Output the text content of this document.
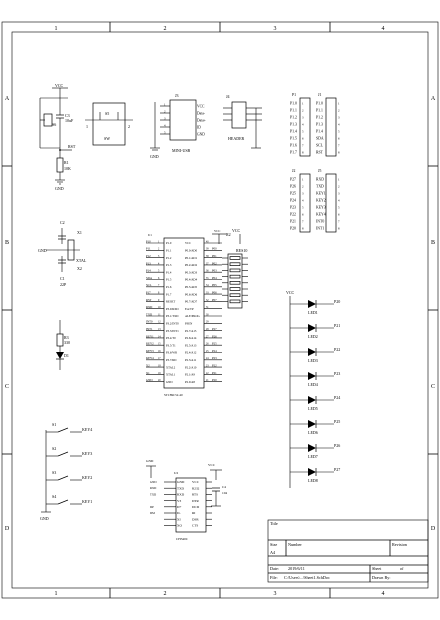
1	2	3	4
1	2	3	4
A
B
C
D
A
B
C
D
VCC
S6
C3
10uF
RST
R1
10K
GND
S5
SW
1	2
J3
1	VCC
2	Data-
3	Data+
4	ID
5	GND
MINI-USB
GND
J4
HEADER
P1	J1
P1.0 1	P1.0	1
P1.1 2	P1.1	2
P1.2 3	P1.2	3
P1.3 4	P1.3	4
P1.4 5	P1.4	5
P1.5 6	SDA	6
P1.6 7	SCL	7
P1.7 8	RST	8
J2	J5
P27 1	RXD	1
P26 2	TXD	2
P25 3	KEY1	3
P24 4	KEY2	4
P23 5	KEY3	5
P22 6	KEY4	6
P21 7	INT0	7
P20 8	INT1	8
C2
X1
XTAL
X2
C1
22P
GND
R3
330
D1
S1
KEY4
S2
KEY3
S3
KEY2
S4
KEY1
GND
U1
P10	1 P1.0	VCC	40
P11	2 P1.1	P0.0/AD0	39 P00
P12	3 P1.2	P0.1/AD1	38 P01
P13	4 P1.3	P0.2/AD2	37 P02
P14	5 P1.4	P0.3/AD3	36 P03
SDA	6 P1.5	P0.4/AD4	35 P04
SCL 7 P1.6	P0.5/AD5	34 P05
P17	8 P1.7	P0.6/AD6	33 P06
RST 9 RESET	P0.7/AD7	32 P07
RXD	10 P3.0/RXD EA/VP	31
TXD	11 P3.1/TXD ALE/PROG	30
INT0 12 P3.2/INT0 PSEN	29
INT1 13 P3.3/INT1 P2.7/A15	28 P27
KEY1 14 P3.4/T0	P2.6/A14	27 P26
KEY2 15 P3.5/T1	P2.5/A13	26 P25
KEY3 16 P3.6/WR	P2.4/A12	25 P24
KEY4 17 P3.7/RD	P2.3/A11	24 P23
X2	18 XTAL2	P2.2/A10	23 P22
X1	19 XTAL1	P2.1/A9	22 P21
GND	20 GND	P2.0/A8	21 P20
STC89C52-40
VCC
R2
RES10
VCC
VCC
P20
LED1
P21
LED2
P22
LED3
P23
LED4
P24
LED5
P25
LED6
P26
LED7
P27
LED8
GND
U2
GND	GND VCC
RXD	TXD R232
TXD	RXD RTS
V3	DTR
DP	D+	DCD
DM	D-	RI
XI	DSR
XO	CTS
CH340C
VCC
C4
104
Title
Size	Number	Revision
A4
Date: 2019/6/11	Sheet	of
File: C:\Users\...\Sheet1.SchDoc	Drawn By:
